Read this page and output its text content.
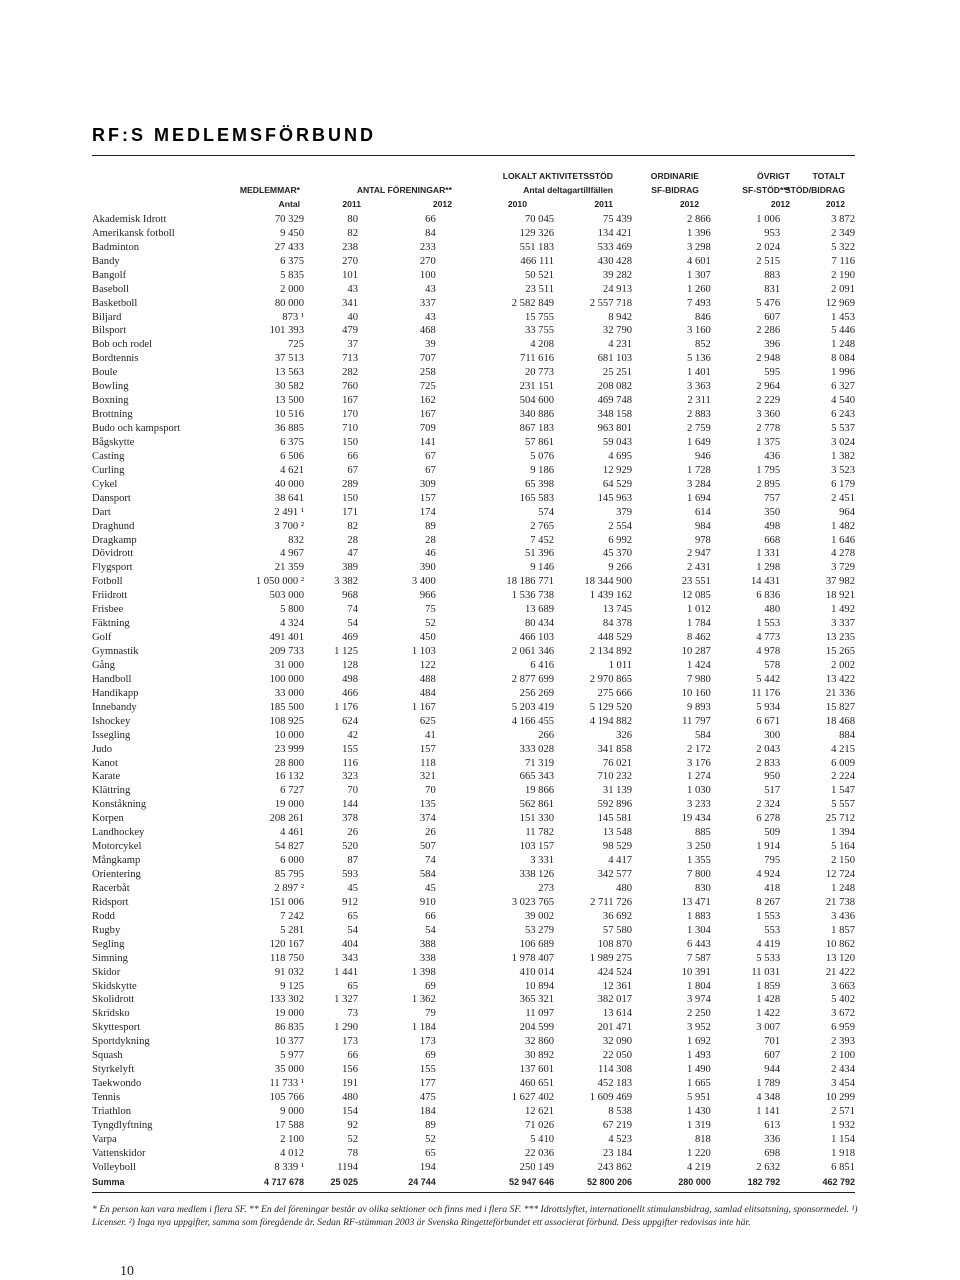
RF:S MEDLEMSFÖRBUND
LOKALT AKTIVITETSSTÖD	ORDINARIE	ÖVRIGT	TOTALT
MEDLEMMAR*	ANTAL FÖRENINGAR**	Antal deltagartillfällen	SF-BIDRAG	SF-STÖD***
STÖD/BIDRAG
Antal	2011	2012	2010	2011	2012	2012	2012
Akademisk Idrott	70 329	80	66	70 045	75 439	2 866	1 006	3 872
Amerikansk fotboll	9 450	82	84	129 326	134 421	1 396	953	2 349
Badminton	27 433	238	233	551 183	533 469	3 298	2 024	5 322
Bandy	6 375	270	270	466 111	430 428	4 601	2 515	7 116
Bangolf	5 835	101	100	50 521	39 282	1 307	883	2 190
Baseboll	2 000	43	43	23 511	24 913	1 260	831	2 091
Basketboll	80 000	341	337	2 582 849	2 557 718	7 493	5 476	12 969
Biljard	873 ¹	40	43	15 755	8 942	846	607	1 453
Bilsport	101 393	479	468	33 755	32 790	3 160	2 286	5 446
Bob och rodel	725	37	39	4 208	4 231	852	396	1 248
Bordtennis	37 513	713	707	711 616	681 103	5 136	2 948	8 084
Boule	13 563	282	258	20 773	25 251	1 401	595	1 996
Bowling	30 582	760	725	231 151	208 082	3 363	2 964	6 327
Boxning	13 500	167	162	504 600	469 748	2 311	2 229	4 540
Brottning	10 516	170	167	340 886	348 158	2 883	3 360	6 243
Budo och kampsport	36 885	710	709	867 183	963 801	2 759	2 778	5 537
Bågskytte	6 375	150	141	57 861	59 043	1 649	1 375	3 024
Casting	6 506	66	67	5 076	4 695	946	436	1 382
Curling	4 621	67	67	9 186	12 929	1 728	1 795	3 523
Cykel	40 000	289	309	65 398	64 529	3 284	2 895	6 179
Dansport	38 641	150	157	165 583	145 963	1 694	757	2 451
Dart	2 491 ¹	171	174	574	379	614	350	964
Draghund	3 700 ²	82	89	2 765	2 554	984	498	1 482
Dragkamp	832	28	28	7 452	6 992	978	668	1 646
Dövidrott	4 967	47	46	51 396	45 370	2 947	1 331	4 278
Flygsport	21 359	389	390	9 146	9 266	2 431	1 298	3 729
Fotboll	1 050 000 ²	3 382	3 400	18 186 771	18 344 900	23 551	14 431	37 982
Friidrott	503 000	968	966	1 536 738	1 439 162	12 085	6 836	18 921
Frisbee	5 800	74	75	13 689	13 745	1 012	480	1 492
Fäktning	4 324	54	52	80 434	84 378	1 784	1 553	3 337
Golf	491 401	469	450	466 103	448 529	8 462	4 773	13 235
Gymnastik	209 733	1 125	1 103	2 061 346	2 134 892	10 287	4 978	15 265
Gång	31 000	128	122	6 416	1 011	1 424	578	2 002
Handboll	100 000	498	488	2 877 699	2 970 865	7 980	5 442	13 422
Handikapp	33 000	466	484	256 269	275 666	10 160	11 176	21 336
Innebandy	185 500	1 176	1 167	5 203 419	5 129 520	9 893	5 934	15 827
Ishockey	108 925	624	625	4 166 455	4 194 882	11 797	6 671	18 468
Issegling	10 000	42	41	266	326	584	300	884
Judo	23 999	155	157	333 028	341 858	2 172	2 043	4 215
Kanot	28 800	116	118	71 319	76 021	3 176	2 833	6 009
Karate	16 132	323	321	665 343	710 232	1 274	950	2 224
Klättring	6 727	70	70	19 866	31 139	1 030	517	1 547
Konståkning	19 000	144	135	562 861	592 896	3 233	2 324	5 557
Korpen	208 261	378	374	151 330	145 581	19 434	6 278	25 712
Landhockey	4 461	26	26	11 782	13 548	885	509	1 394
Motorcykel	54 827	520	507	103 157	98 529	3 250	1 914	5 164
Mångkamp	6 000	87	74	3 331	4 417	1 355	795	2 150
Orientering	85 795	593	584	338 126	342 577	7 800	4 924	12 724
Racerbåt	2 897 ²	45	45	273	480	830	418	1 248
Ridsport	151 006	912	910	3 023 765	2 711 726	13 471	8 267	21 738
Rodd	7 242	65	66	39 002	36 692	1 883	1 553	3 436
Rugby	5 281	54	54	53 279	57 580	1 304	553	1 857
Segling	120 167	404	388	106 689	108 870	6 443	4 419	10 862
Simning	118 750	343	338	1 978 407	1 989 275	7 587	5 533	13 120
Skidor	91 032	1 441	1 398	410 014	424 524	10 391	11 031	21 422
Skidskytte	9 125	65	69	10 894	12 361	1 804	1 859	3 663
Skolidrott	133 302	1 327	1 362	365 321	382 017	3 974	1 428	5 402
Skridsko	19 000	73	79	11 097	13 614	2 250	1 422	3 672
Skyttesport	86 835	1 290	1 184	204 599	201 471	3 952	3 007	6 959
Sportdykning	10 377	173	173	32 860	32 090	1 692	701	2 393
Squash	5 977	66	69	30 892	22 050	1 493	607	2 100
Styrkelyft	35 000	156	155	137 601	114 308	1 490	944	2 434
Taekwondo	11 733 ¹	191	177	460 651	452 183	1 665	1 789	3 454
Tennis	105 766	480	475	1 627 402	1 609 469	5 951	4 348	10 299
Triathlon	9 000	154	184	12 621	8 538	1 430	1 141	2 571
Tyngdlyftning	17 588	92	89	71 026	67 219	1 319	613	1 932
Varpa	2 100	52	52	5 410	4 523	818	336	1 154
Vattenskidor	4 012	78	65	22 036	23 184	1 220	698	1 918
Volleyboll	8 339 ¹	1194	194	250 149	243 862	4 219	2 632	6 851
Summa	4 717 678	25 025	24 744	52 947 646	52 800 206	280 000	182 792	462 792
* En person kan vara medlem i flera SF. ** En del föreningar består av olika sektioner och finns med i flera SF. *** Idrottslyftet, internationellt stimulansbidrag, samlad elitsatsning, sponsormedel. ¹) Licenser. ²) Inga nya uppgifter, samma som föregående år. Sedan RF-stämman 2003 är Svenska Ringetteförbundet ett associerat förbund. Dess uppgifter redovisas inte här.
10
